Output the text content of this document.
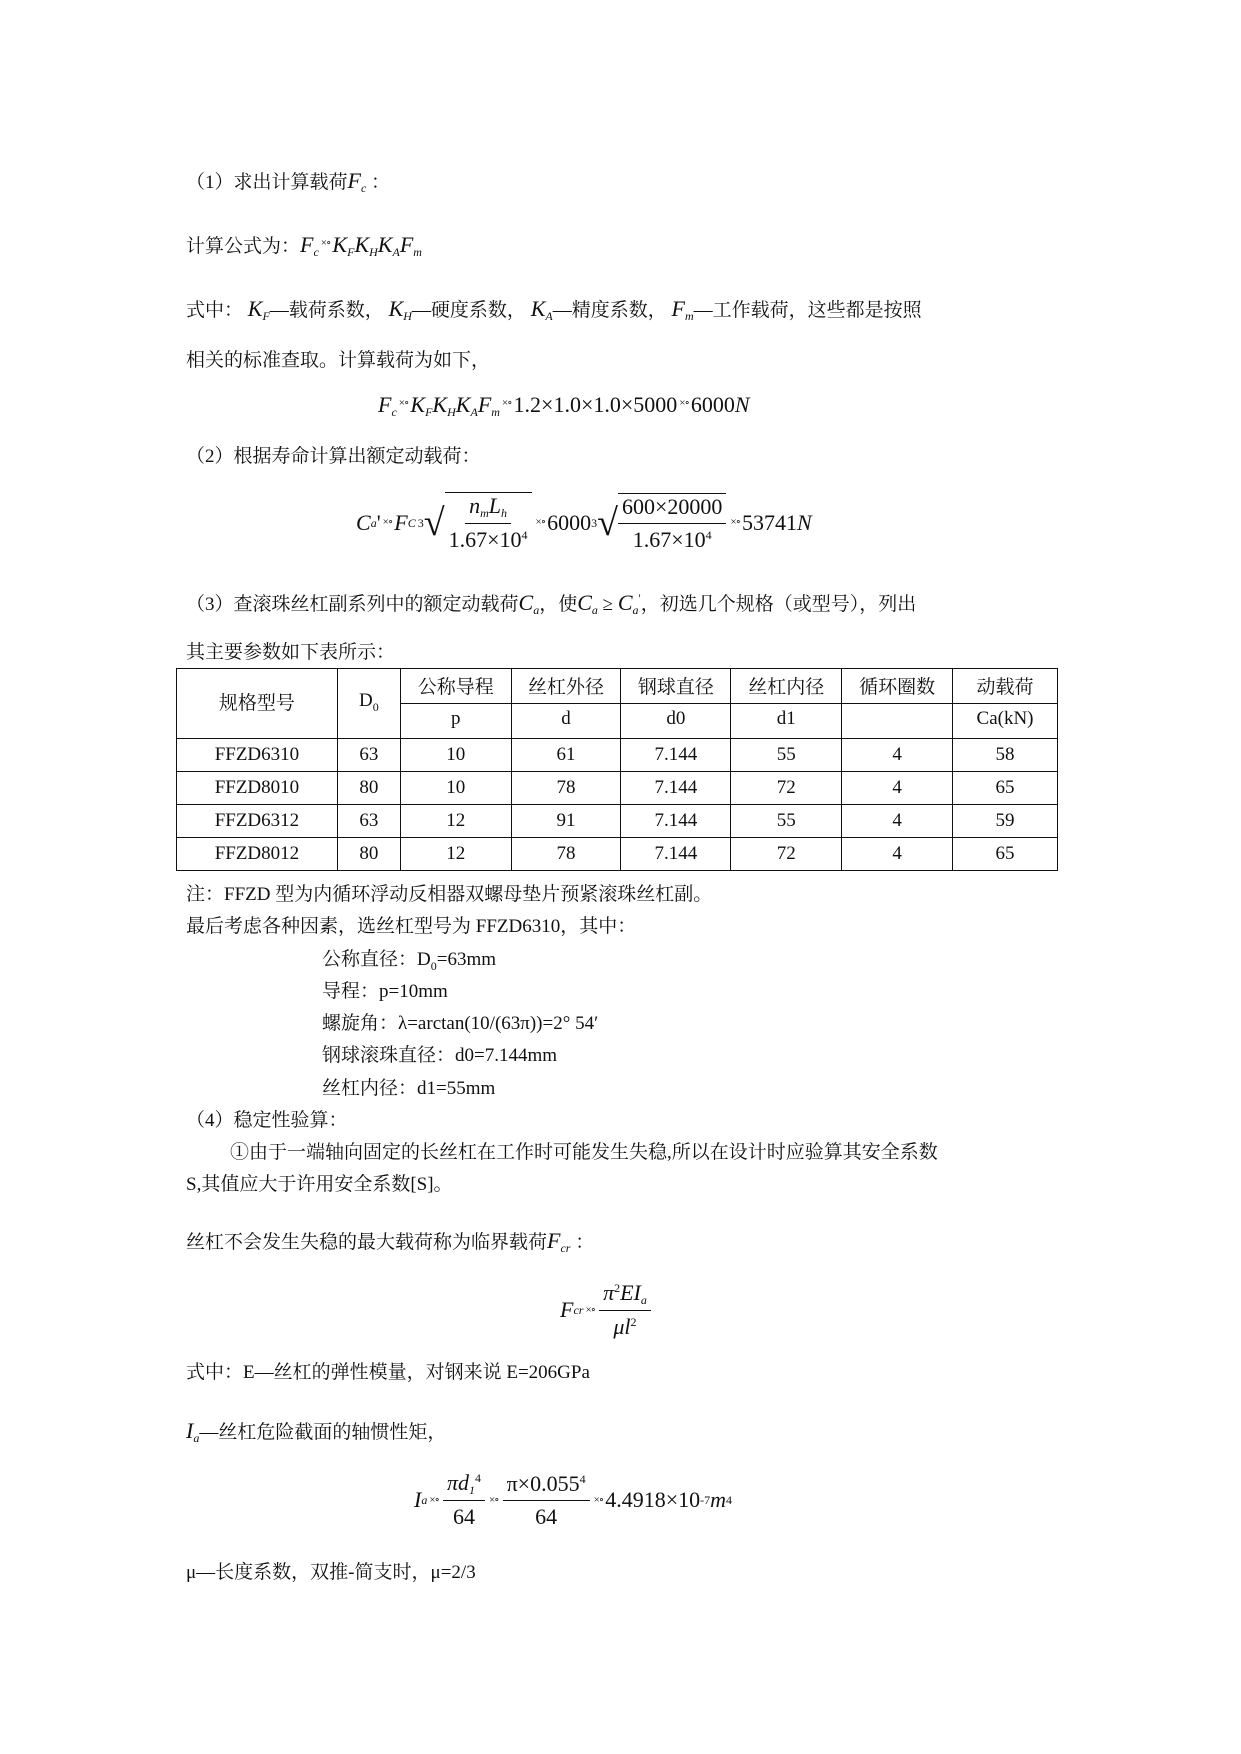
（1）求出计算载荷$F_c$ ：
计算公式为：$F_c^{\times\circ}K_FK_HK_AF_m$
式中： $K_F—$载荷系数， $K_H—$硬度系数， $K_A—$精度系数， $F_m—$工作载荷，这些都是按照
相关的标准查取。计算载荷为如下，
$F_c^{\times\circ}K_FK_HK_AF_m^{\times\circ}1.2\times 1.0\times 1.0\times 5000$ ×∘6000N
（2）根据寿命计算出额定动载荷：
C a ' ×∘ F C 3 √ $\frac{n_mL_h}{1.67\times 10^4}$ ×∘ 6000 3 √ $\frac{600\times 20000}{1.67\times 10^4}$ ×∘ 53741 N
（3）查滚珠丝杠副系列中的额定动载荷$C_a$，使$C_a \ge C_a'$，初选几个规格（或型号），列出
其主要参数如下表所示：
规格型号	$D_0$	公称导程	丝杠外径	钢球直径	丝杠内径	循环圈数	动载荷
		p	d	d0	d1		Ca(kN)
FFZD6310	63	10	61	7.144	55	4	58
FFZD8010	80	10	78	7.144	72	4	65
FFZD6312	63	12	91	7.144	55	4	59
FFZD8012	80	12	78	7.144	72	4	65
注：FFZD 型为内循环浮动反相器双螺母垫片预紧滚珠丝杠副。
最后考虑各种因素，选丝杠型号为 FFZD6310，其中：
公称直径：$D_0=63mm$
导程：p=10mm
螺旋角：λ=arctan(10/(63π))=2° 54′
钢球滚珠直径：d0=7.144mm
丝杠内径：d1=55mm
（4）稳定性验算：
①由于一端轴向固定的长丝杠在工作时可能发生失稳,所以在设计时应验算其安全系数
S,其值应大于许用安全系数[S]。
丝杠不会发生失稳的最大载荷称为临界载荷$F_{cr}$ ：
F cr ×∘ $\frac{\pi^2EI_a}{\mu l^2}$
式中：E—丝杠的弹性模量，对钢来说 E=206GPa
$I_a—$丝杠危险截面的轴惯性矩，
I a ×∘ $\frac{\pi d_1^4}{64}$ ×∘ $\frac{\pi\times 0.055^4}{64}$ ×∘ 4.4918×10 - 7 m 4
μ—长度系数，双推-简支时，μ=2/3
